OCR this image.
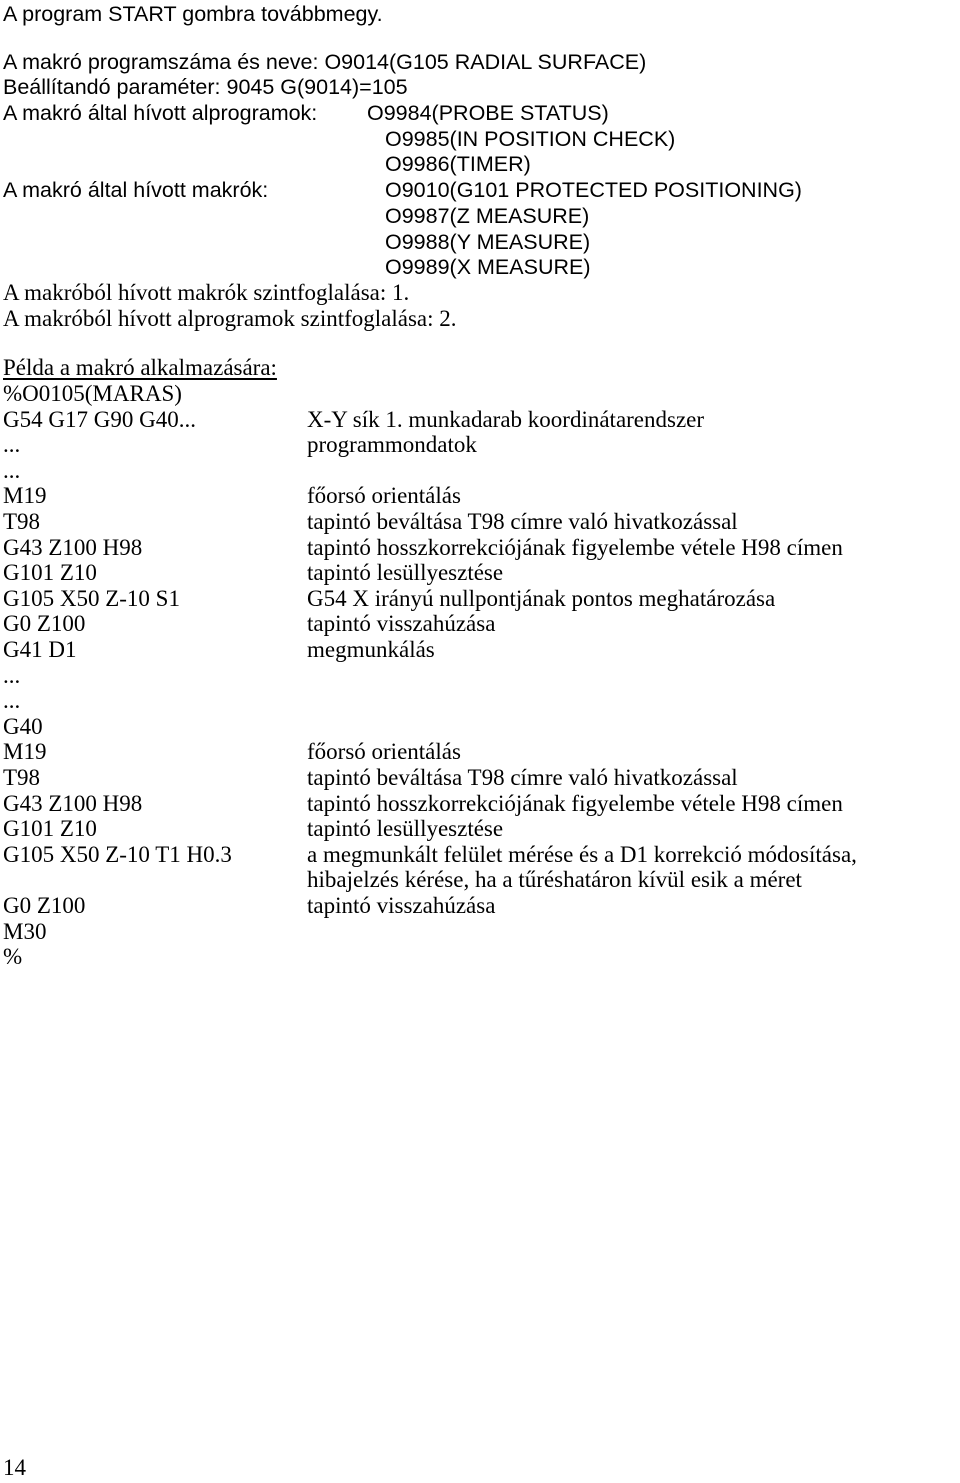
A program START gombra továbbmegy.
A makró programszáma és neve: O9014(G105 RADIAL SURFACE)
Beállítandó paraméter: 9045 G(9014)=105
A makró által hívott alprogramok: O9984(PROBE STATUS)
O9985(IN POSITION CHECK)
O9986(TIMER)
A makró által hívott makrók:	O9010(G101 PROTECTED POSITIONING)
O9987(Z MEASURE)
O9988(Y MEASURE)
O9989(X MEASURE)
A makróból hívott makrók szintfoglalása: 1.
A makróból hívott alprogramok szintfoglalása: 2.
Példa a makró alkalmazására:
%O0105(MARAS)
G54 G17 G90 G40...	X-Y sík 1. munkadarab koordinátarendszer
...	programmondatok
...
M19	főorsó orientálás
T98	tapintó beváltása T98 címre való hivatkozással
G43 Z100 H98	tapintó hosszkorrekciójának figyelembe vétele H98 címen
G101 Z10	tapintó lesüllyesztése
G105 X50 Z-10 S1	G54 X irányú nullpontjának pontos meghatározása
G0 Z100	tapintó visszahúzása
G41 D1	megmunkálás
...
...
G40
M19	főorsó orientálás
T98	tapintó beváltása T98 címre való hivatkozással
G43 Z100 H98	tapintó hosszkorrekciójának figyelembe vétele H98 címen
G101 Z10	tapintó lesüllyesztése
G105 X50 Z-10 T1 H0.3	a megmunkált felület mérése és a D1 korrekció módosítása,
hibajelzés kérése, ha a tűréshatáron kívül esik a méret
G0 Z100	tapintó visszahúzása
M30
%
14
